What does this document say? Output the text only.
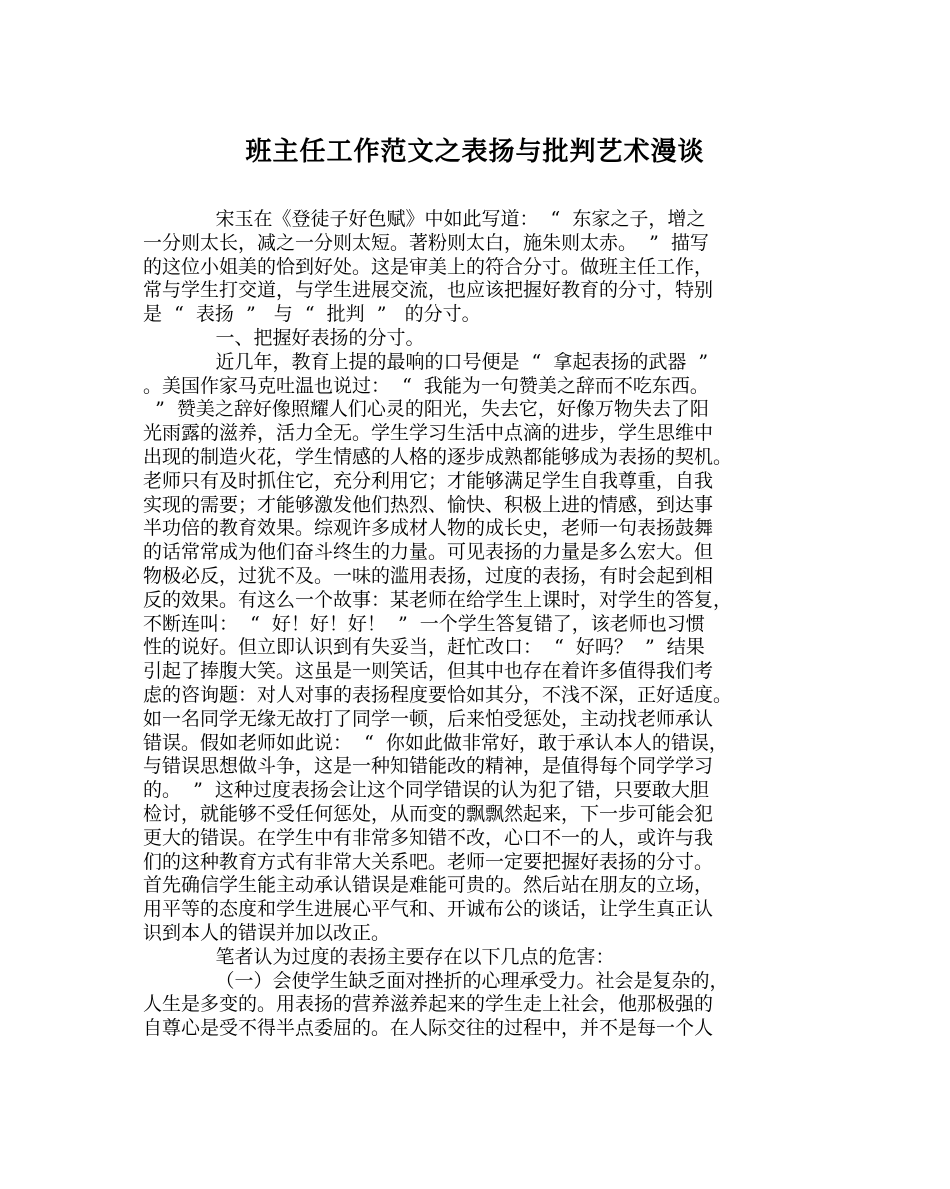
班主任工作范文之表扬与批判艺术漫谈
宋玉在《登徒子好色赋》中如此写道：  “  东家之子，增之
一分则太长，减之一分则太短。著粉则太白，施朱则太赤。  ”  描写
的这位小姐美的恰到好处。这是审美上的符合分寸。做班主任工作，
常与学生打交道，与学生进展交流，也应该把握好教育的分寸，特别
是  “  表扬  ”   与  “  批判  ”   的分寸。
一、把握好表扬的分寸。
近几年，教育上提的最响的口号便是  “  拿起表扬的武器  ”
。美国作家马克吐温也说过：  “  我能为一句赞美之辞而不吃东西。
”  赞美之辞好像照耀人们心灵的阳光，失去它，好像万物失去了阳
光雨露的滋养，活力全无。学生学习生活中点滴的进步，学生思维中
出现的制造火花，学生情感的人格的逐步成熟都能够成为表扬的契机。
老师只有及时抓住它，充分利用它；才能够满足学生自我尊重，自我
实现的需要；才能够激发他们热烈、愉快、积极上进的情感，到达事
半功倍的教育效果。综观许多成材人物的成长史，老师一句表扬鼓舞
的话常常成为他们奋斗终生的力量。可见表扬的力量是多么宏大。但
物极必反，过犹不及。一味的滥用表扬，过度的表扬，有时会起到相
反的效果。有这么一个故事：某老师在给学生上课时，对学生的答复，
不断连叫：  “  好！好！好！  ”  一个学生答复错了，该老师也习惯
性的说好。但立即认识到有失妥当，赶忙改口：  “  好吗？  ”  结果
引起了捧腹大笑。这虽是一则笑话，但其中也存在着许多值得我们考
虑的咨询题：对人对事的表扬程度要恰如其分，不浅不深，正好适度。
如一名同学无缘无故打了同学一顿，后来怕受惩处，主动找老师承认
错误。假如老师如此说：  “  你如此做非常好，敢于承认本人的错误，
与错误思想做斗争，这是一种知错能改的精神，是值得每个同学学习
的。  ”  这种过度表扬会让这个同学错误的认为犯了错，只要敢大胆
检讨，就能够不受任何惩处，从而变的飘飘然起来，下一步可能会犯
更大的错误。在学生中有非常多知错不改，心口不一的人，或许与我
们的这种教育方式有非常大关系吧。老师一定要把握好表扬的分寸。
首先确信学生能主动承认错误是难能可贵的。然后站在朋友的立场，
用平等的态度和学生进展心平气和、开诚布公的谈话，让学生真正认
识到本人的错误并加以改正。
笔者认为过度的表扬主要存在以下几点的危害：
（一）会使学生缺乏面对挫折的心理承受力。社会是复杂的，
人生是多变的。用表扬的营养滋养起来的学生走上社会，他那极强的
自尊心是受不得半点委屈的。在人际交往的过程中，并不是每一个人
